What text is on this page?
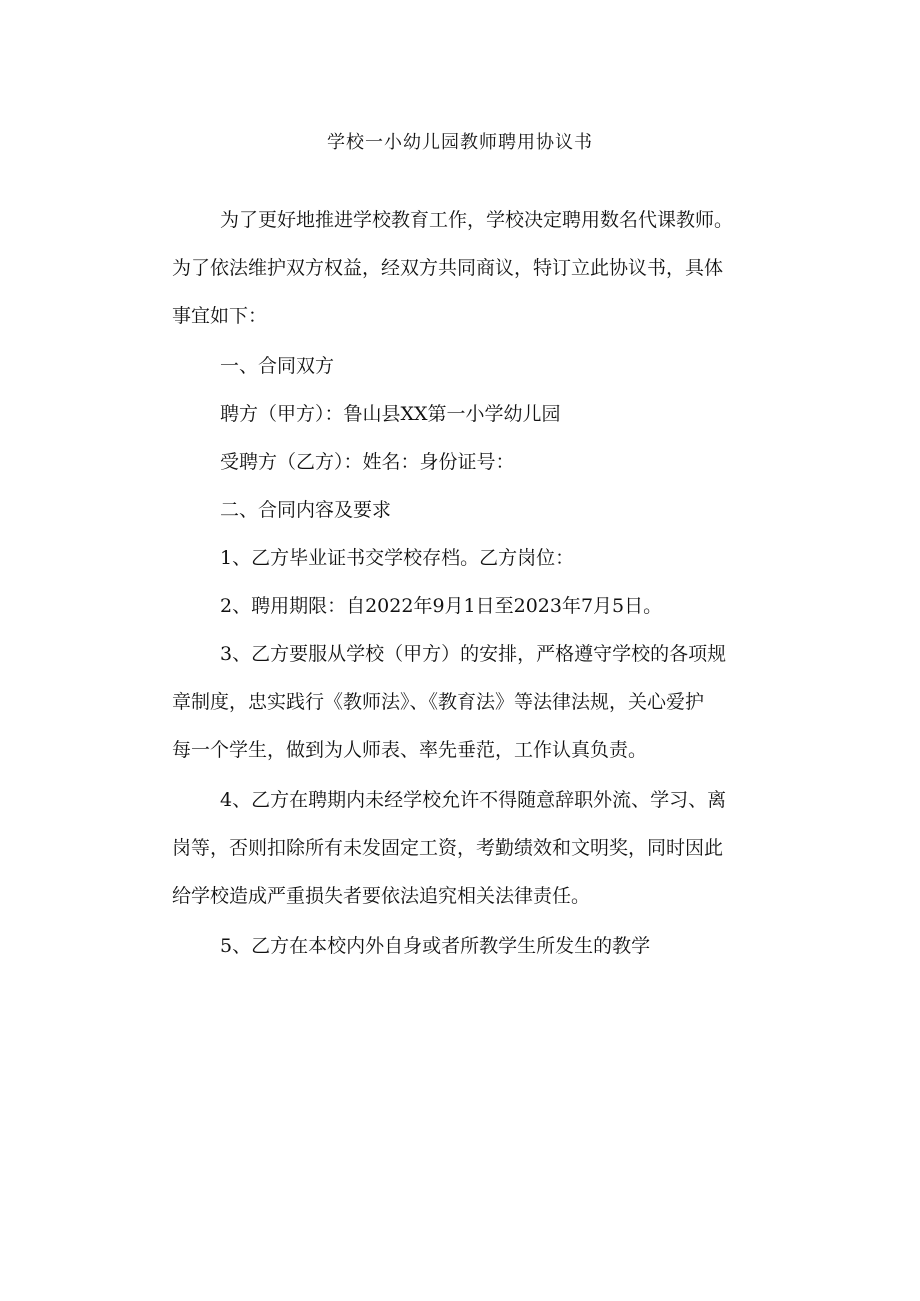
学校一小幼儿园教师聘用协议书
为了更好地推进学校教育工作，学校决定聘用数名代课教师。
为了依法维护双方权益，经双方共同商议，特订立此协议书，具体
事宜如下：
一、合同双方
聘方（甲方）：鲁山县XX第一小学幼儿园
受聘方（乙方）：姓名：身份证号：
二、合同内容及要求
1、乙方毕业证书交学校存档。乙方岗位：
2、聘用期限：自2022年9月1日至2023年7月5日。
3、乙方要服从学校（甲方）的安排，严格遵守学校的各项规
章制度，忠实践行《教师法》、《教育法》等法律法规，关心爱护
每一个学生，做到为人师表、率先垂范，工作认真负责。
4、乙方在聘期内未经学校允许不得随意辞职外流、学习、离
岗等，否则扣除所有未发固定工资，考勤绩效和文明奖，同时因此
给学校造成严重损失者要依法追究相关法律责任。
5、乙方在本校内外自身或者所教学生所发生的教学
